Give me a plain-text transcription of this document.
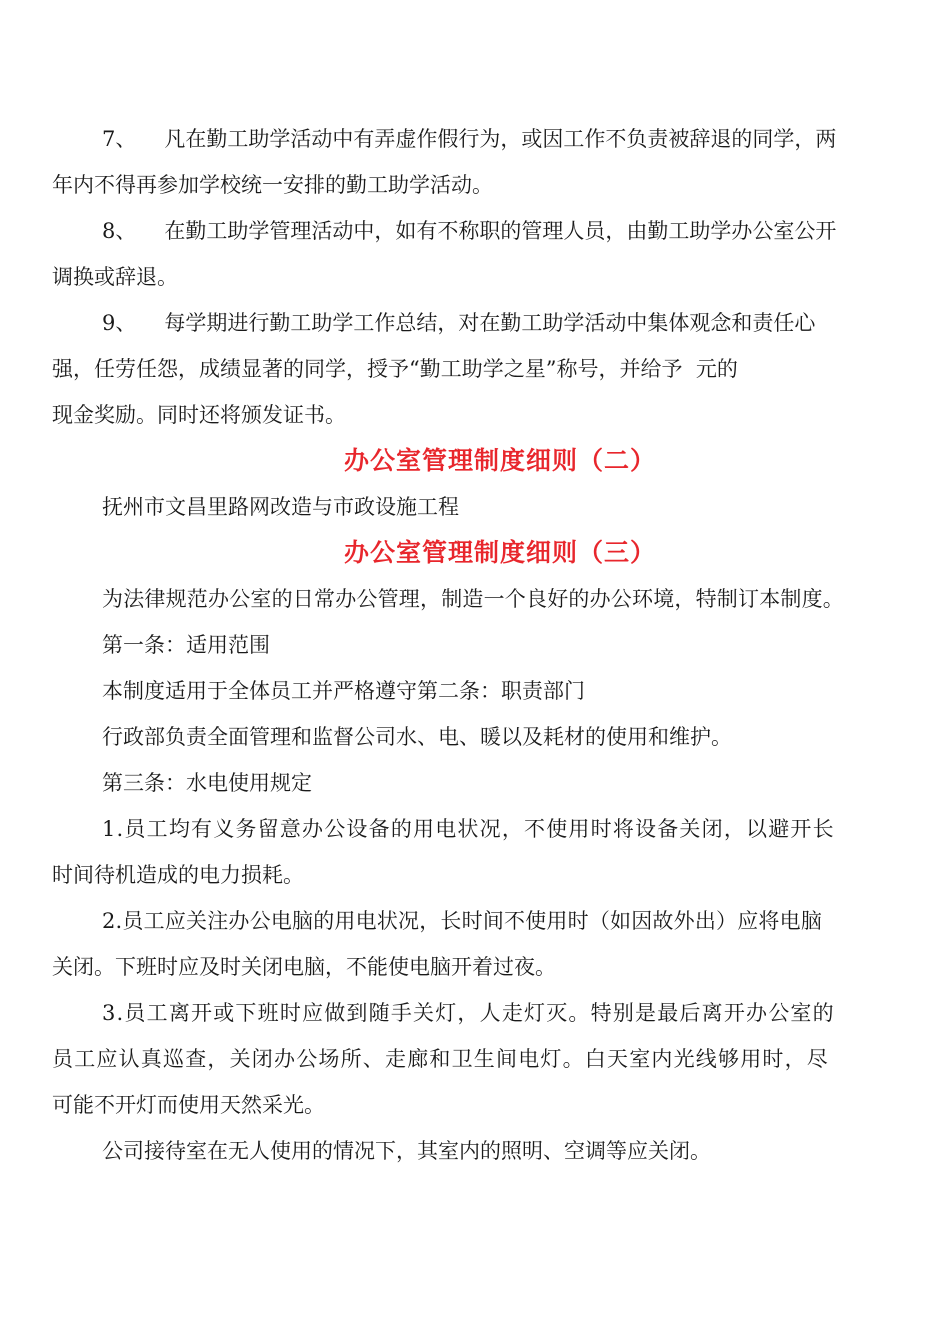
7、 凡在勤工助学活动中有弄虚作假行为，或因工作不负责被辞退的同学，两

年内不得再参加学校统一安排的勤工助学活动。

8、 在勤工助学管理活动中，如有不称职的管理人员，由勤工助学办公室公开

调换或辞退。

9、 每学期进行勤工助学工作总结，对在勤工助学活动中集体观念和责任心

强，任劳任怨，成绩显著的同学，授予“勤工助学之星”称号，并给予  元的

现金奖励。同时还将颁发证书。

办公室管理制度细则（二）

抚州市文昌里路网改造与市政设施工程

办公室管理制度细则（三）

为法律规范办公室的日常办公管理，制造一个良好的办公环境，特制订本制度。

第一条：适用范围

本制度适用于全体员工并严格遵守第二条：职责部门

行政部负责全面管理和监督公司水、电、暖以及耗材的使用和维护。

第三条：水电使用规定

1.员工均有义务留意办公设备的用电状况，不使用时将设备关闭，以避开长

时间待机造成的电力损耗。

2.员工应关注办公电脑的用电状况，长时间不使用时（如因故外出）应将电脑

关闭。下班时应及时关闭电脑，不能使电脑开着过夜。

3.员工离开或下班时应做到随手关灯，人走灯灭。特别是最后离开办公室的

员工应认真巡查，关闭办公场所、走廊和卫生间电灯。白天室内光线够用时，尽

可能不开灯而使用天然采光。

公司接待室在无人使用的情况下，其室内的照明、空调等应关闭。
